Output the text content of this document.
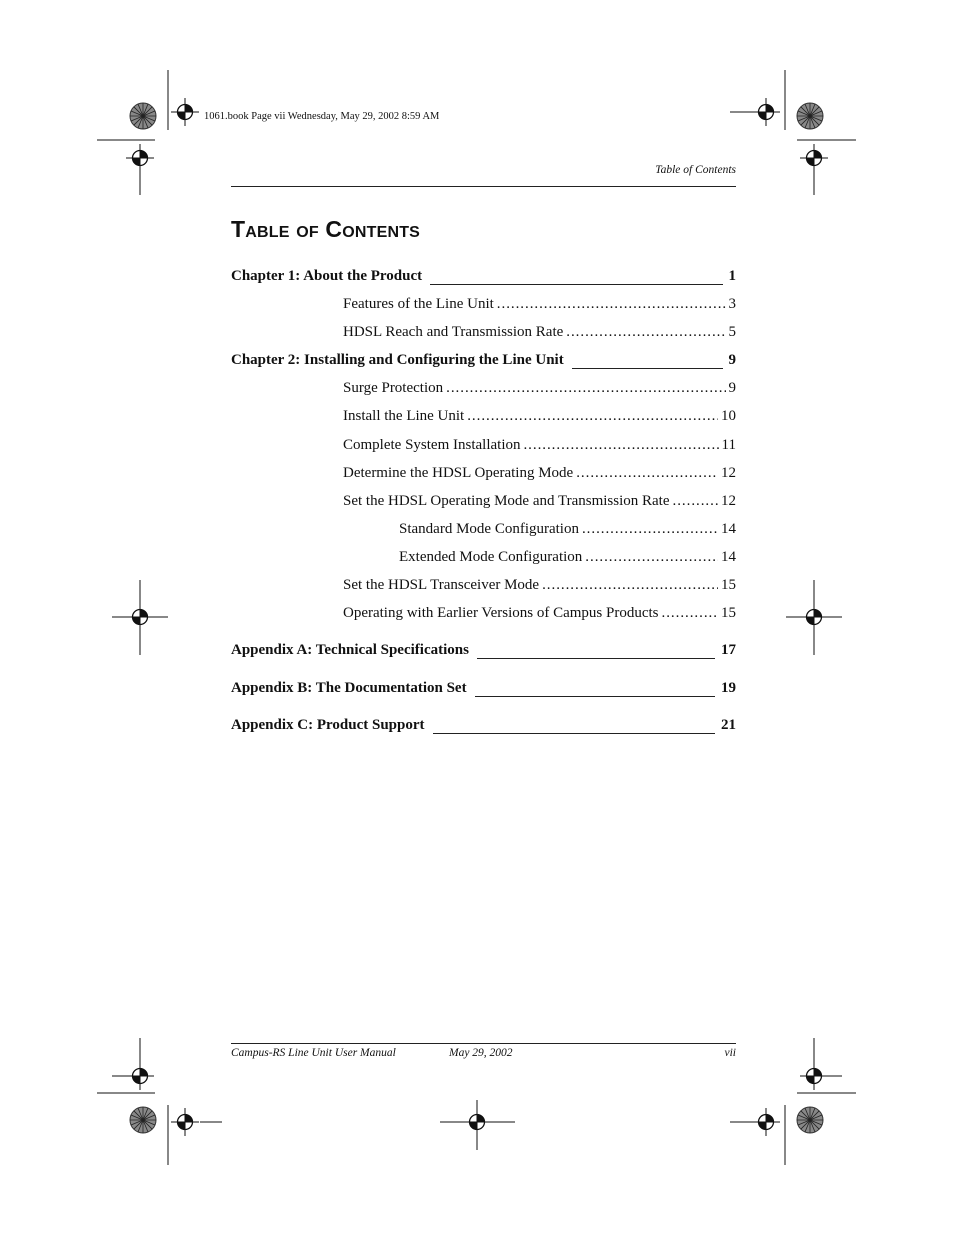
1061.book Page vii Wednesday, May 29, 2002 8:59 AM
Table of Contents
Table of Contents
Chapter 1: About the Product	1
Features of the Line Unit . . .	3
HDSL Reach and Transmission Rate . . .	5
Chapter 2: Installing and Configuring the Line Unit	9
Surge Protection . . .	9
Install the Line Unit . . .	10
Complete System Installation . . .	11
Determine the HDSL Operating Mode . . .	12
Set the HDSL Operating Mode and Transmission Rate . . .	12
Standard Mode Configuration . . .	14
Extended Mode Configuration . . .	14
Set the HDSL Transceiver Mode . . .	15
Operating with Earlier Versions of Campus Products . . .	15
Appendix A: Technical Specifications	17
Appendix B: The Documentation Set	19
Appendix C: Product Support	21
Campus-RS Line Unit User Manual	May 29, 2002	vii
